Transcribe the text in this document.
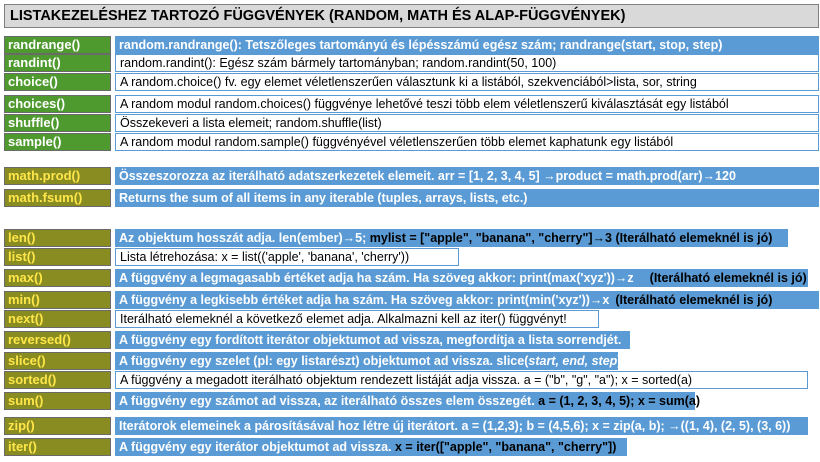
LISTAKEZELÉSHEZ TARTOZÓ FÜGGVÉNYEK (RANDOM, MATH ÉS ALAP-FÜGGVÉNYEK)
randrange()	random.randrange(): Tetszőleges tartományú és lépésszámú egész szám; randrange(start, stop, step)
randint()	random.randint(): Egész szám bármely tartományban; random.randint(50, 100)
choice()	A random.choice() fv. egy elemet véletlenszerűen választunk ki a listából, szekvenciából>lista, sor, string
choices()	A random modul random.choices() függvénye lehetővé teszi több elem véletlenszerű kiválasztását egy listából
shuffle()	Összekeveri a lista elemeit; random.shuffle(list)
sample()	A random modul random.sample() függvényével véletlenszerűen több elemet kaphatunk egy listából
math.prod()	Összeszorozza az iterálható adatszerkezetek elemeit. arr = [1, 2, 3, 4, 5] →product = math.prod(arr)→120
math.fsum()	Returns the sum of all items in any iterable (tuples, arrays, lists, etc.)
len()	Az objektum hosszát adja. len(ember)→5; mylist = ["apple", "banana", "cherry"]→3 (Iterálható elemeknél is jó)
list()	Lista létrehozása: x = list(('apple', 'banana', 'cherry'))
max()	A függvény a legmagasabb értéket adja ha szám. Ha szöveg akkor: print(max('xyz'))→z (Iterálható elemeknél is jó)
min()	A függvény a legkisebb értéket adja ha szám. Ha szöveg akkor: print(min('xyz'))→x (Iterálható elemeknél is jó)
next()	Iterálható elemeknél a következő elemet adja. Alkalmazni kell az iter() függvényt!
reversed()	A függvény egy fordított iterátor objektumot ad vissza, megfordítja a lista sorrendjét.
slice()	A függvény egy szelet (pl: egy listarészt) objektumot ad vissza. slice(start, end, step)
sorted()	A függvény a megadott iterálható objektum rendezett listáját adja vissza. a = ("b", "g", "a"); x = sorted(a)
sum()	A függvény egy számot ad vissza, az iterálható összes elem összegét. a = (1, 2, 3, 4, 5); x = sum(a)
zip()	Iterátorok elemeinek a párosításával hoz létre új iterátort. a = (1,2,3); b = (4,5,6); x = zip(a, b); →((1, 4), (2, 5), (3, 6))
iter()	A függvény egy iterátor objektumot ad vissza. x = iter(["apple", "banana", "cherry"])
